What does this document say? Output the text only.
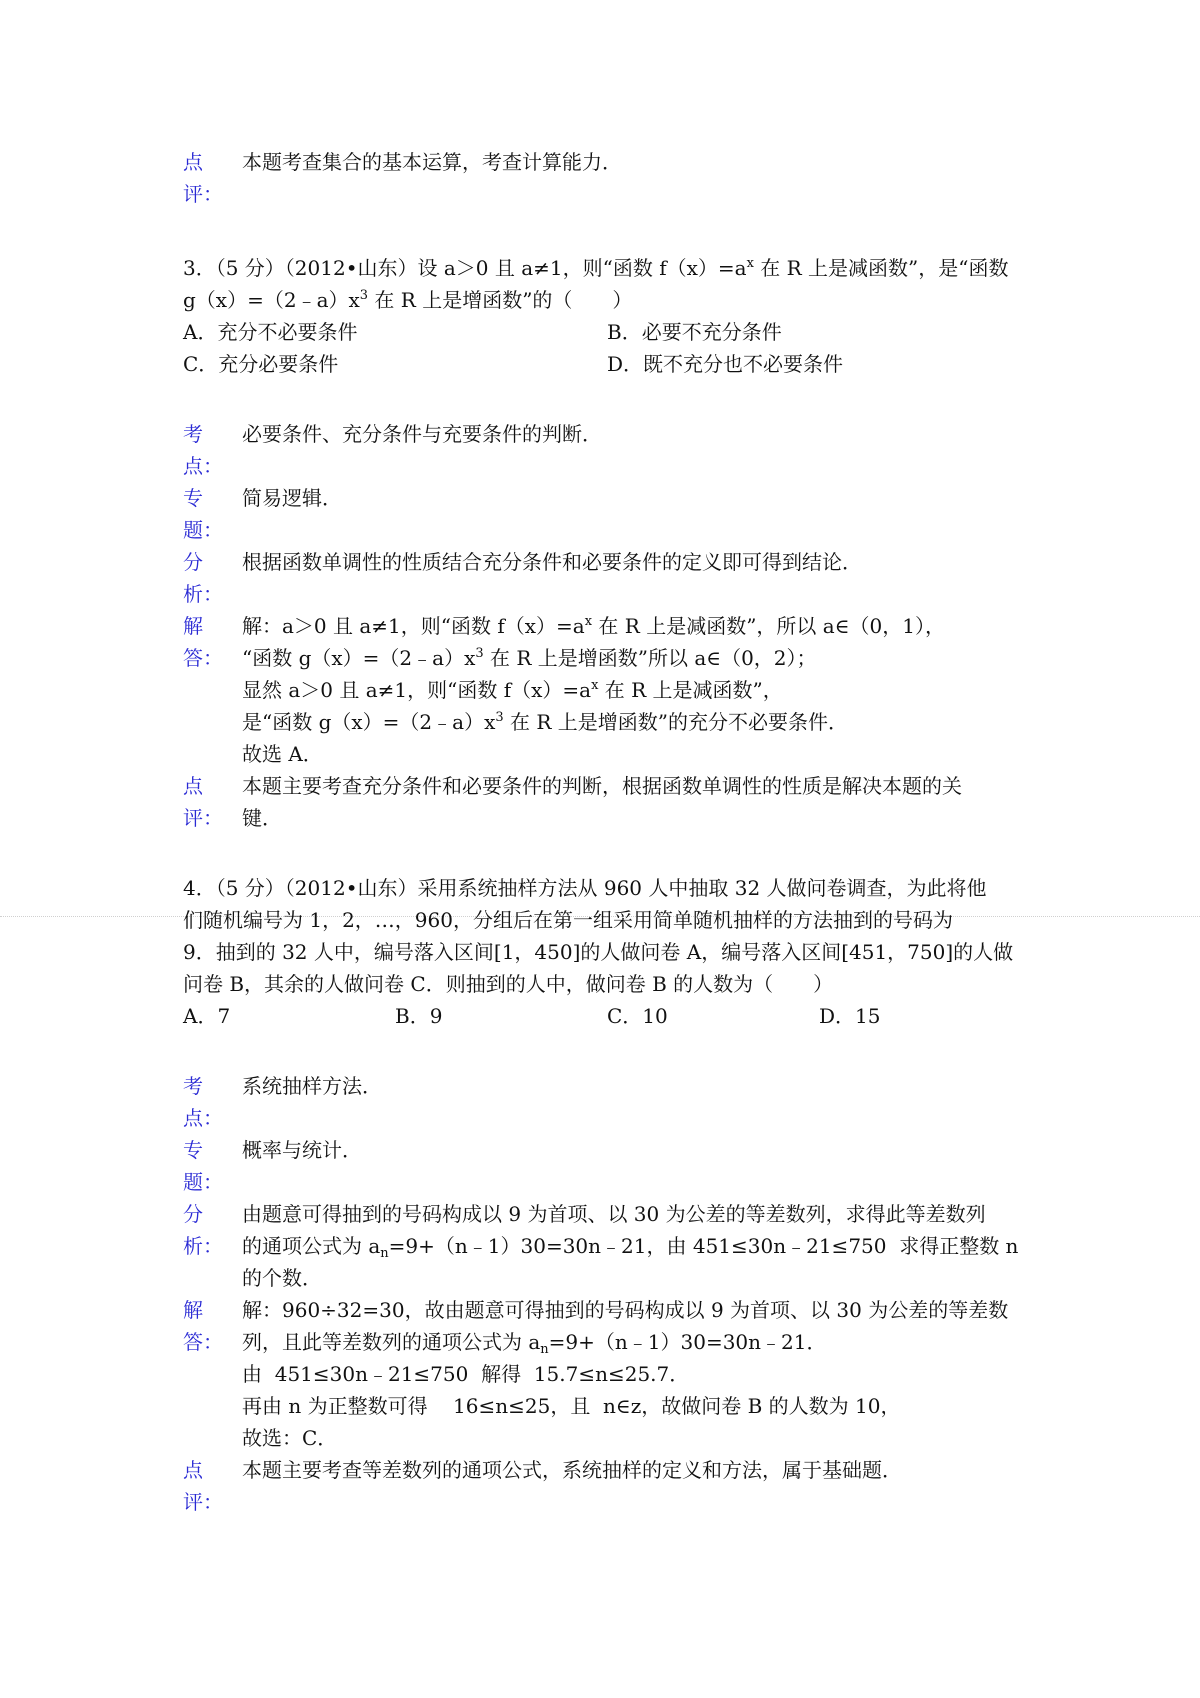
点
评：

本题考查集合的基本运算，考查计算能力．

3．（5 分）（2012•山东）设 a＞0 且 a≠1，则“函数 $f(x)=a^x$ 在 R 上是减函数”，是“函数

$g(x)=(2﹣a)x^3$ 在 R 上是增函数”的（　　）

A．充分不必要条件	B．必要不充分条件
C．充分必要条件	D．既不充分也不必要条件
考
点：

必要条件、充分条件与充要条件的判断．

专
题：

简易逻辑．

分
析：

根据函数单调性的性质结合充分条件和必要条件的定义即可得到结论．

解
答：

解：a＞0 且 a≠1，则“函数 $f(x)=a^x$ 在 R 上是减函数”，所以 a∈（0，1），

“函数 $g(x)=(2﹣a)x^3$ 在 R 上是增函数”所以 a∈（0，2）；

显然 a＞0 且 a≠1，则“函数 $f(x)=a^x$ 在 R 上是减函数”，

是“函数 $g(x)=(2﹣a)x^3$ 在 R 上是增函数”的充分不必要条件．

故选 A．

点
评：

本题主要考查充分条件和必要条件的判断，根据函数单调性的性质是解决本题的关

键．

4．（5 分）（2012•山东）采用系统抽样方法从 960 人中抽取 32 人做问卷调查，为此将他

们随机编号为 1，2，…，960，分组后在第一组采用简单随机抽样的方法抽到的号码为

9．抽到的 32 人中，编号落入区间[1，450]的人做问卷 A，编号落入区间[451，750]的人做

问卷 B，其余的人做问卷 C．则抽到的人中，做问卷 B 的人数为（　　）

A．7	B．9	C．10	D．15
考
点：

系统抽样方法．

专
题：

概率与统计．

分
析：

由题意可得抽到的号码构成以 9 为首项、以 30 为公差的等差数列，求得此等差数列

的通项公式为 $a_n=9+(n﹣1)30=30n﹣21$，由 451≤30n﹣21≤750  求得正整数 n 的个数．

解
答：

解：960÷32=30，故由题意可得抽到的号码构成以 9 为首项、以 30 为公差的等差数

列，且此等差数列的通项公式为 $a_n=9+(n﹣1)30=30n﹣21$．

由  451≤30n﹣21≤750  解得  15.7≤n≤25.7．

再由 n 为正整数可得    16≤n≤25，且  n∈z，故做问卷 B 的人数为 10，

故选：C．

点
评：

本题主要考查等差数列的通项公式，系统抽样的定义和方法，属于基础题．
